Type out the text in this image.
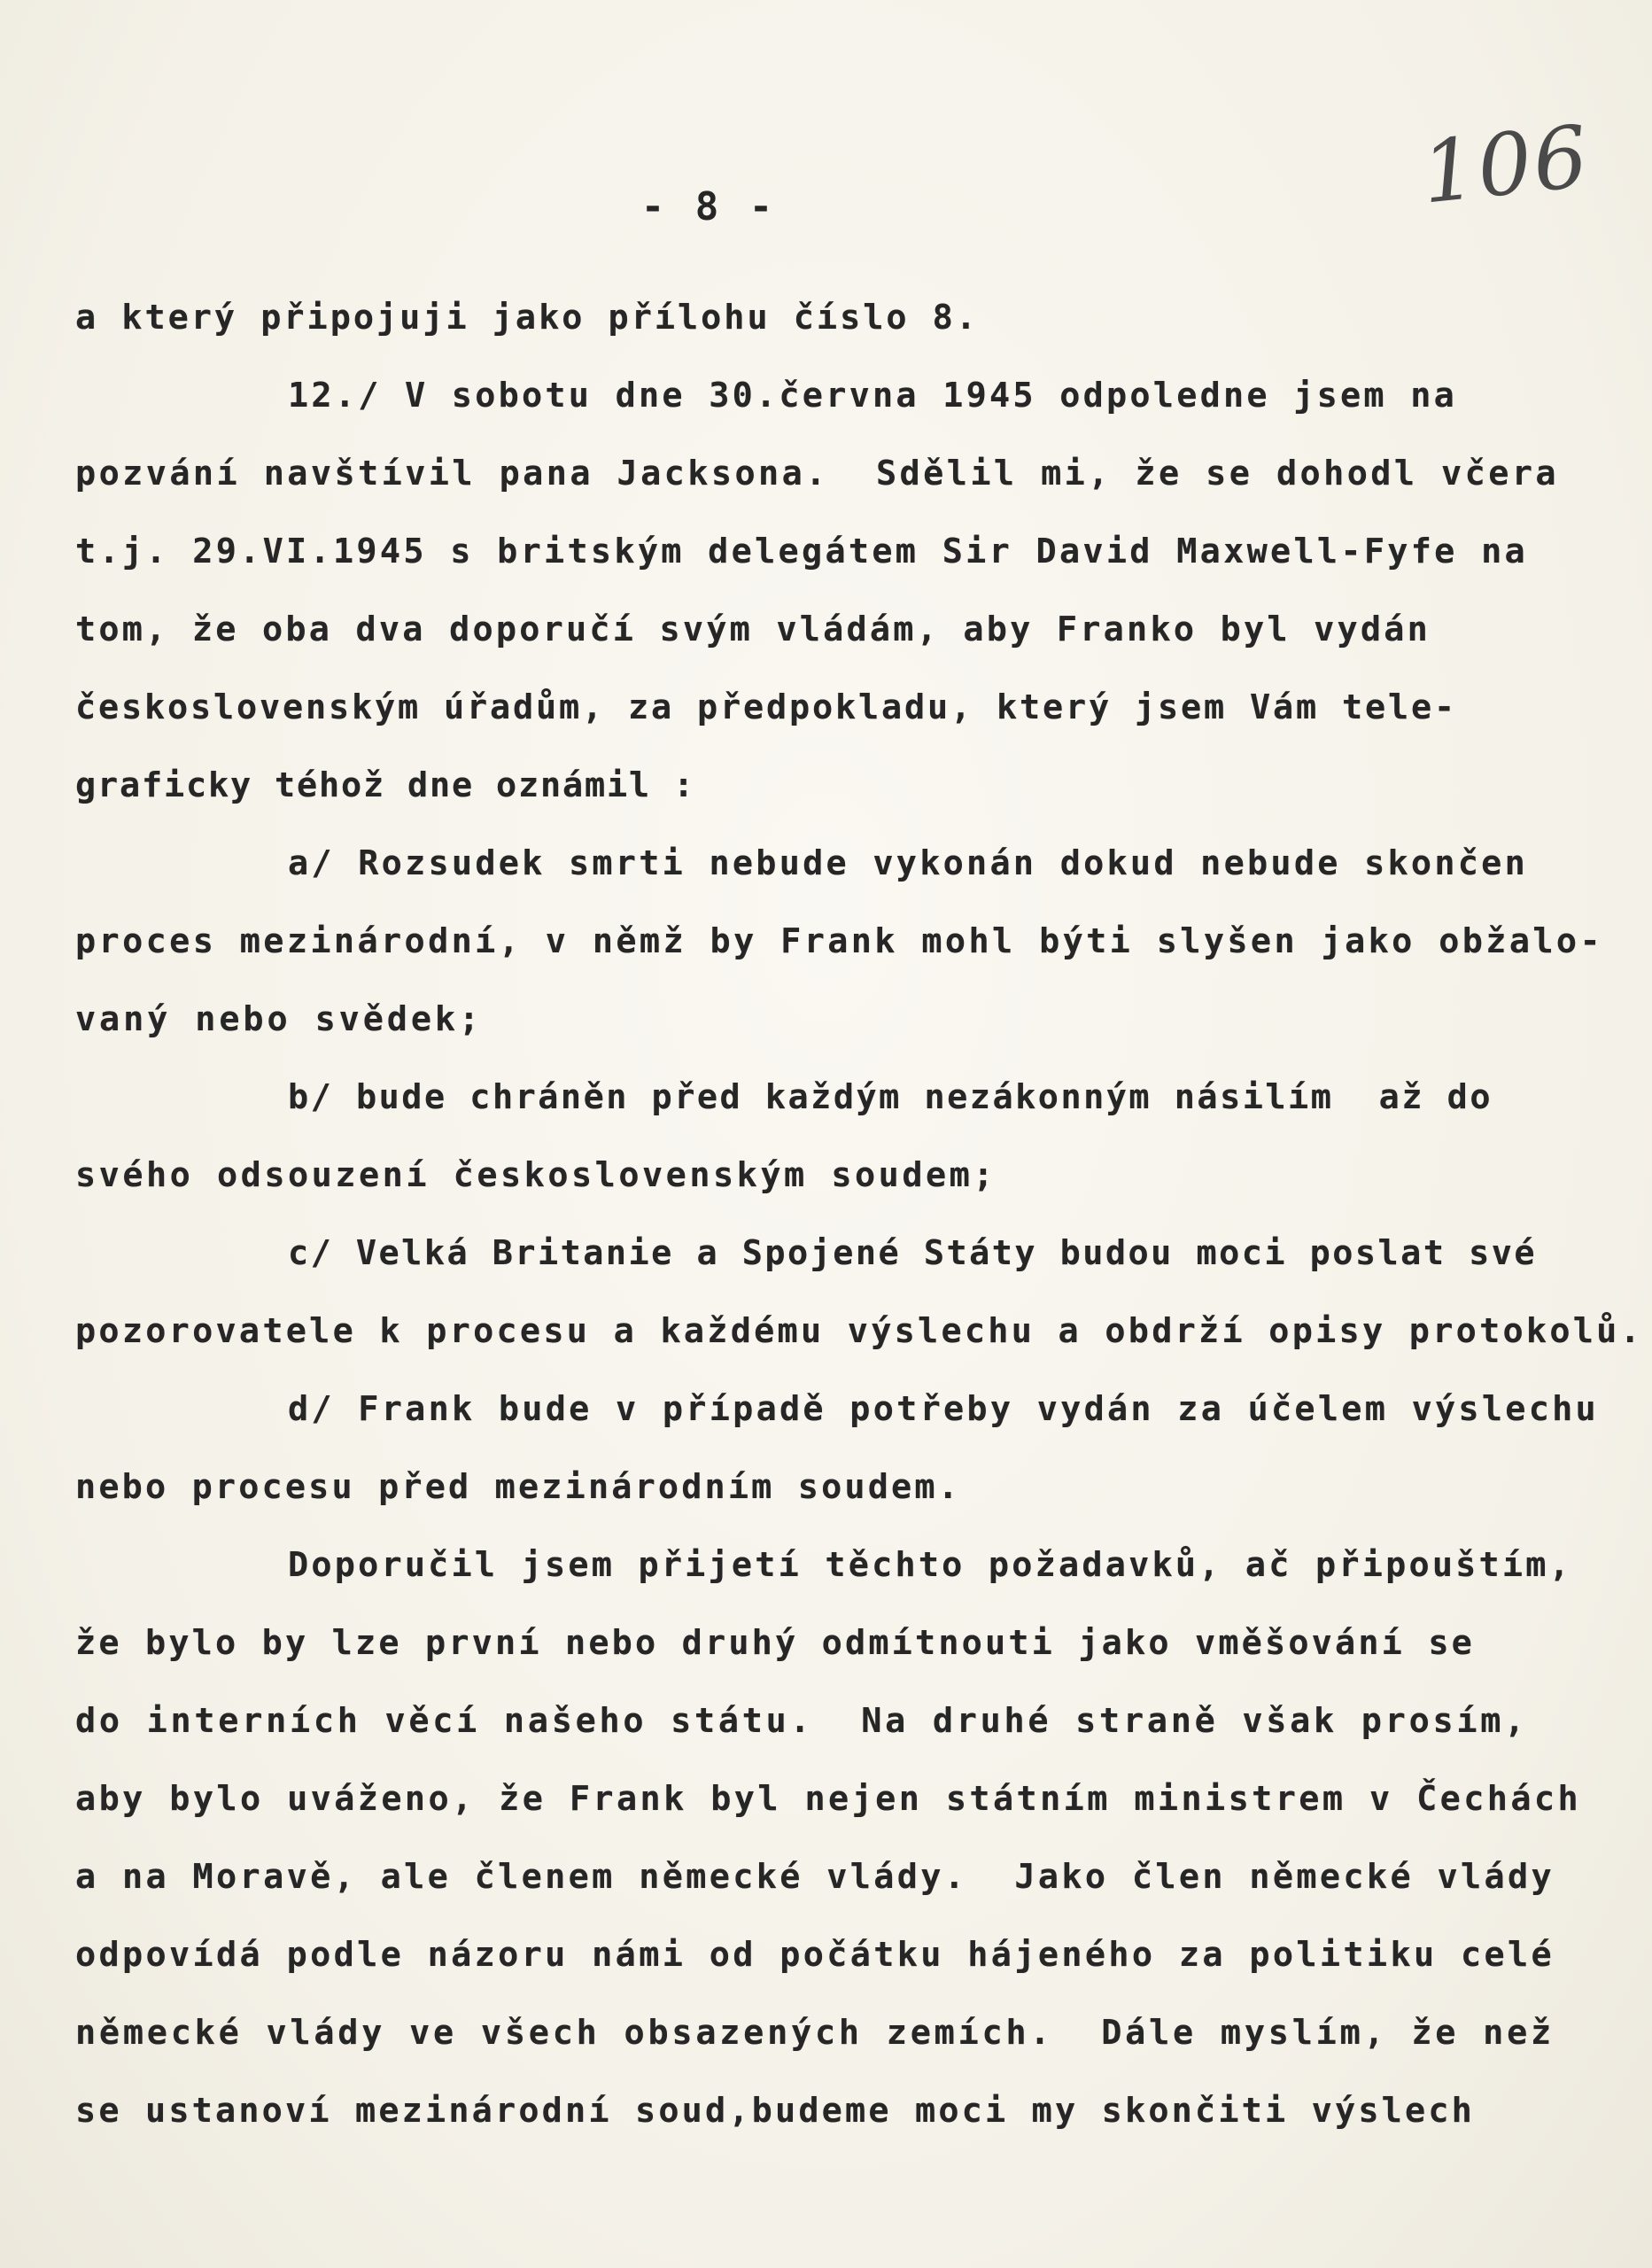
- 8 -	106
a který připojuji jako přílohu číslo 8.
12./ V sobotu dne 30.června 1945 odpoledne jsem na
pozvání navštívil pana Jacksona.  Sdělil mi, že se dohodl včera
t.j. 29.VI.1945 s britským delegátem Sir David Maxwell-Fyfe na
tom, že oba dva doporučí svým vládám, aby Franko byl vydán
československým úřadům, za předpokladu, který jsem Vám tele-
graficky téhož dne oznámil :
a/ Rozsudek smrti nebude vykonán dokud nebude skončen
proces mezinárodní, v němž by Frank mohl býti slyšen jako obžalo-
vaný nebo svědek;
b/ bude chráněn před každým nezákonným násilím  až do
svého odsouzení československým soudem;
c/ Velká Britanie a Spojené Státy budou moci poslat své
pozorovatele k procesu a každému výslechu a obdrží opisy protokolů.
d/ Frank bude v případě potřeby vydán za účelem výslechu
nebo procesu před mezinárodním soudem.
Doporučil jsem přijetí těchto požadavků, ač připouštím,
že bylo by lze první nebo druhý odmítnouti jako vměšování se
do interních věcí našeho státu.  Na druhé straně však prosím,
aby bylo uváženo, že Frank byl nejen státním ministrem v Čechách
a na Moravě, ale členem německé vlády.  Jako člen německé vlády
odpovídá podle názoru námi od počátku hájeného za politiku celé
německé vlády ve všech obsazených zemích.  Dále myslím, že než
se ustanoví mezinárodní soud,budeme moci my skončiti výslech
